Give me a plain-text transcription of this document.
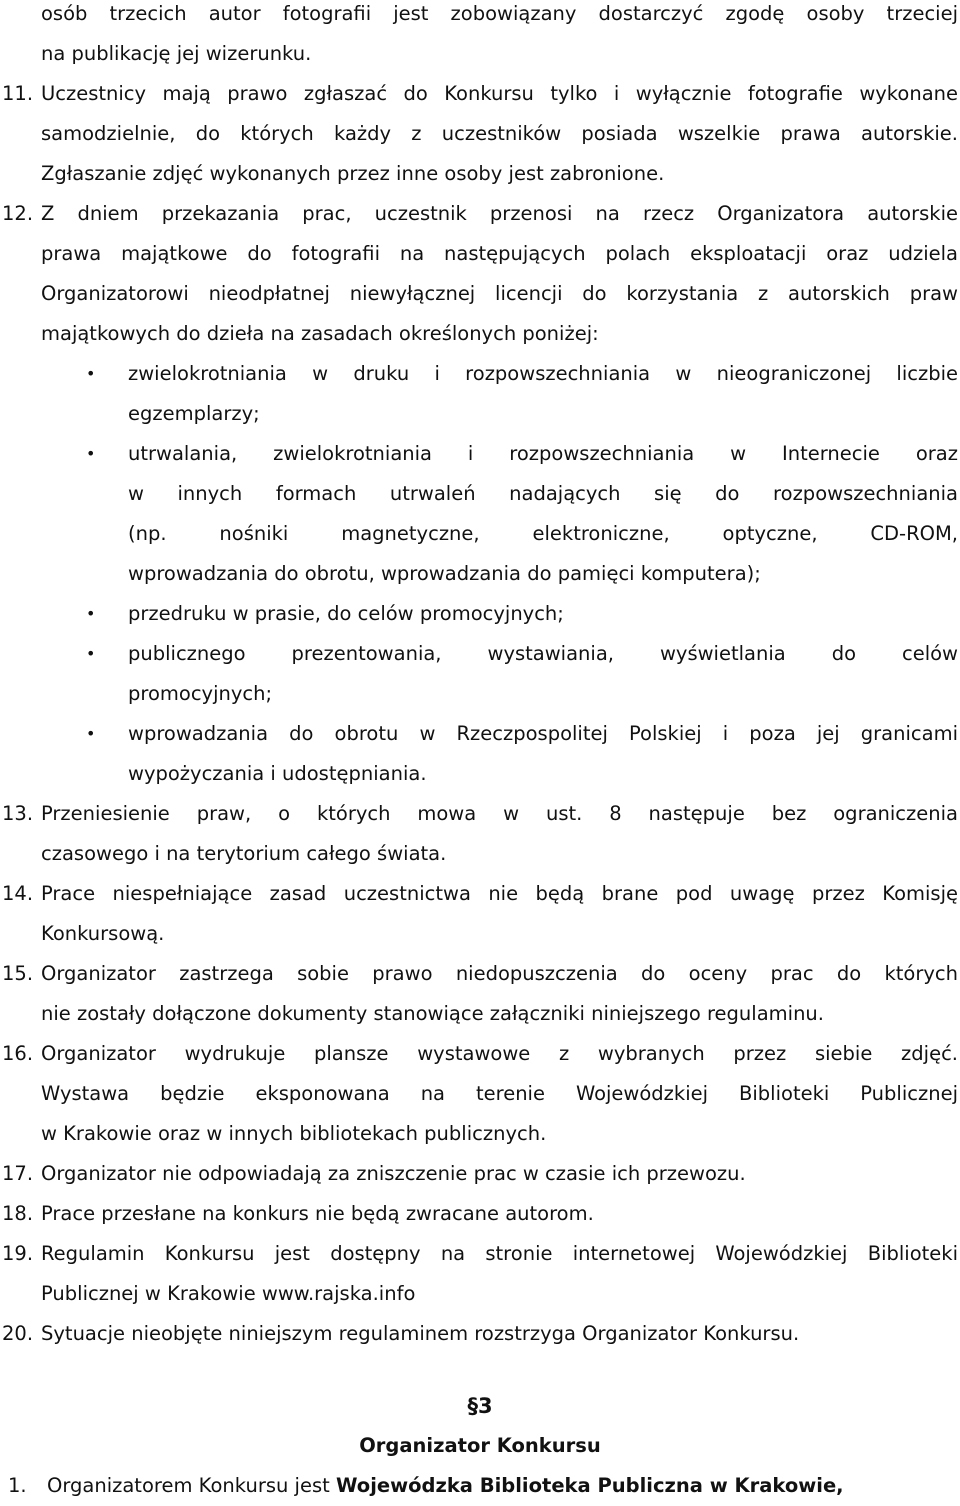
osób trzecich autor fotografii jest zobowiązany dostarczyć zgodę osoby trzeciej
na publikację jej wizerunku.
11. Uczestnicy mają prawo zgłaszać do Konkursu tylko i wyłącznie fotografie wykonane
samodzielnie, do których każdy z uczestników posiada wszelkie prawa autorskie.
Zgłaszanie zdjęć wykonanych przez inne osoby jest zabronione.
12. Z dniem przekazania prac, uczestnik przenosi na rzecz Organizatora autorskie
prawa majątkowe do fotografii na następujących polach eksploatacji oraz udziela
Organizatorowi nieodpłatnej niewyłącznej licencji do korzystania z autorskich praw
majątkowych do dzieła na zasadach określonych poniżej:
• zwielokrotniania w druku i rozpowszechniania w nieograniczonej liczbie
egzemplarzy;
• utrwalania, zwielokrotniania i rozpowszechniania w Internecie oraz
w innych formach utrwaleń nadających się do rozpowszechniania
(np. nośniki magnetyczne, elektroniczne, optyczne, CD-ROM,
wprowadzania do obrotu, wprowadzania do pamięci komputera);
• przedruku w prasie, do celów promocyjnych;
• publicznego prezentowania, wystawiania, wyświetlania do celów
promocyjnych;
• wprowadzania do obrotu w Rzeczpospolitej Polskiej i poza jej granicami
wypożyczania i udostępniania.
13. Przeniesienie praw, o których mowa w ust. 8 następuje bez ograniczenia
czasowego i na terytorium całego świata.
14. Prace niespełniające zasad uczestnictwa nie będą brane pod uwagę przez Komisję
Konkursową.
15. Organizator zastrzega sobie prawo niedopuszczenia do oceny prac do których
nie zostały dołączone dokumenty stanowiące załączniki niniejszego regulaminu.
16. Organizator wydrukuje plansze wystawowe z wybranych przez siebie zdjęć.
Wystawa będzie eksponowana na terenie Wojewódzkiej Biblioteki Publicznej
w Krakowie oraz w innych bibliotekach publicznych.
17. Organizator nie odpowiadają za zniszczenie prac w czasie ich przewozu.
18. Prace przesłane na konkurs nie będą zwracane autorom.
19. Regulamin Konkursu jest dostępny na stronie internetowej Wojewódzkiej Biblioteki
Publicznej w Krakowie www.rajska.info
20. Sytuacje nieobjęte niniejszym regulaminem rozstrzyga Organizator Konkursu.
§3
Organizator Konkursu
1. Organizatorem Konkursu jest Wojewódzka Biblioteka Publiczna w Krakowie,
